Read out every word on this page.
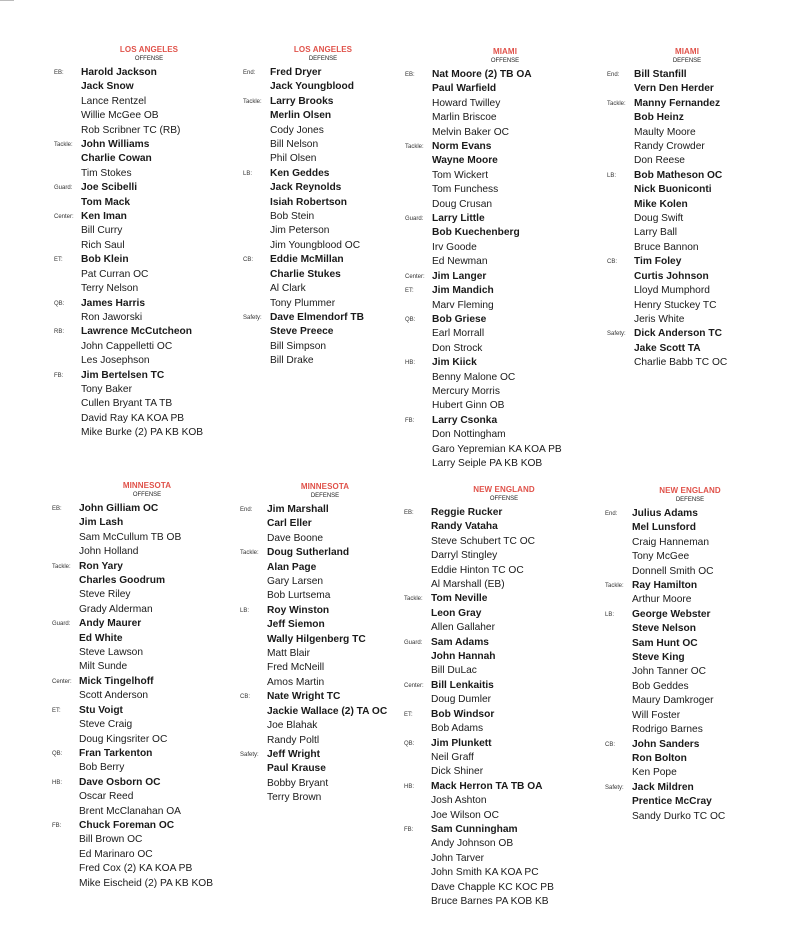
LOS ANGELES
OFFENSE
EB: Harold Jackson
Jack Snow
Lance Rentzel
Willie McGee OB
Rob Scribner TC (RB)
Tackle: John Williams
Charlie Cowan
Tim Stokes
Guard: Joe Scibelli
Tom Mack
Center: Ken Iman
Bill Curry
Rich Saul
ET: Bob Klein
Pat Curran OC
Terry Nelson
QB: James Harris
Ron Jaworski
RB: Lawrence McCutcheon
John Cappelletti OC
Les Josephson
FB: Jim Bertelsen TC
Tony Baker
Cullen Bryant TA TB
David Ray KA KOA PB
Mike Burke (2) PA KB KOB
LOS ANGELES
DEFENSE
End: Fred Dryer
Jack Youngblood
Tackle: Larry Brooks
Merlin Olsen
Cody Jones
Bill Nelson
Phil Olsen
LB: Ken Geddes
Jack Reynolds
Isiah Robertson
Bob Stein
Jim Peterson
Jim Youngblood OC
CB: Eddie McMillan
Charlie Stukes
Al Clark
Tony Plummer
Safety: Dave Elmendorf TB
Steve Preece
Bill Simpson
Bill Drake
MIAMI
OFFENSE
EB: Nat Moore (2) TB OA
Paul Warfield
Howard Twilley
Marlin Briscoe
Melvin Baker OC
Tackle: Norm Evans
Wayne Moore
Tom Wickert
Tom Funchess
Doug Crusan
Guard: Larry Little
Bob Kuechenberg
Irv Goode
Ed Newman
Center: Jim Langer
ET: Jim Mandich
Marv Fleming
QB: Bob Griese
Earl Morrall
Don Strock
HB: Jim Kiick
Benny Malone OC
Mercury Morris
Hubert Ginn OB
FB: Larry Csonka
Don Nottingham
Garo Yepremian KA KOA PB
Larry Seiple PA KB KOB
MIAMI
DEFENSE
End: Bill Stanfill
Vern Den Herder
Tackle: Manny Fernandez
Bob Heinz
Maulty Moore
Randy Crowder
Don Reese
LB: Bob Matheson OC
Nick Buoniconti
Mike Kolen
Doug Swift
Larry Ball
Bruce Bannon
CB: Tim Foley
Curtis Johnson
Lloyd Mumphord
Henry Stuckey TC
Jeris White
Safety: Dick Anderson TC
Jake Scott TA
Charlie Babb TC OC
MINNESOTA
OFFENSE
EB: John Gilliam OC
Jim Lash
Sam McCullum TB OB
John Holland
Tackle: Ron Yary
Charles Goodrum
Steve Riley
Grady Alderman
Guard: Andy Maurer
Ed White
Steve Lawson
Milt Sunde
Center: Mick Tingelhoff
Scott Anderson
ET: Stu Voigt
Steve Craig
Doug Kingsriter OC
QB: Fran Tarkenton
Bob Berry
HB: Dave Osborn OC
Oscar Reed
Brent McClanahan OA
FB: Chuck Foreman OC
Bill Brown OC
Ed Marinaro OC
Fred Cox (2) KA KOA PB
Mike Eischeid (2) PA KB KOB
MINNESOTA
DEFENSE
End: Jim Marshall
Carl Eller
Dave Boone
Tackle: Doug Sutherland
Alan Page
Gary Larsen
Bob Lurtsema
LB: Roy Winston
Jeff Siemon
Wally Hilgenberg TC
Matt Blair
Fred McNeill
Amos Martin
CB: Nate Wright TC
Jackie Wallace (2) TA OC
Joe Blahak
Randy Poltl
Safety: Jeff Wright
Paul Krause
Bobby Bryant
Terry Brown
NEW ENGLAND
OFFENSE
EB: Reggie Rucker
Randy Vataha
Steve Schubert TC OC
Darryl Stingley
Eddie Hinton TC OC
Al Marshall (EB)
Tackle: Tom Neville
Leon Gray
Allen Gallaher
Guard: Sam Adams
John Hannah
Bill DuLac
Center: Bill Lenkaitis
Doug Dumler
ET: Bob Windsor
Bob Adams
QB: Jim Plunkett
Neil Graff
Dick Shiner
HB: Mack Herron TA TB OA
Josh Ashton
Joe Wilson OC
FB: Sam Cunningham
Andy Johnson OB
John Tarver
John Smith KA KOA PC
Dave Chapple KC KOC PB
Bruce Barnes PA KOB KB
NEW ENGLAND
DEFENSE
End: Julius Adams
Mel Lunsford
Craig Hanneman
Tony McGee
Donnell Smith OC
Tackle: Ray Hamilton
Arthur Moore
LB: George Webster
Steve Nelson
Sam Hunt OC
Steve King
John Tanner OC
Bob Geddes
Maury Damkroger
Will Foster
Rodrigo Barnes
CB: John Sanders
Ron Bolton
Ken Pope
Safety: Jack Mildren
Prentice McCray
Sandy Durko TC OC
